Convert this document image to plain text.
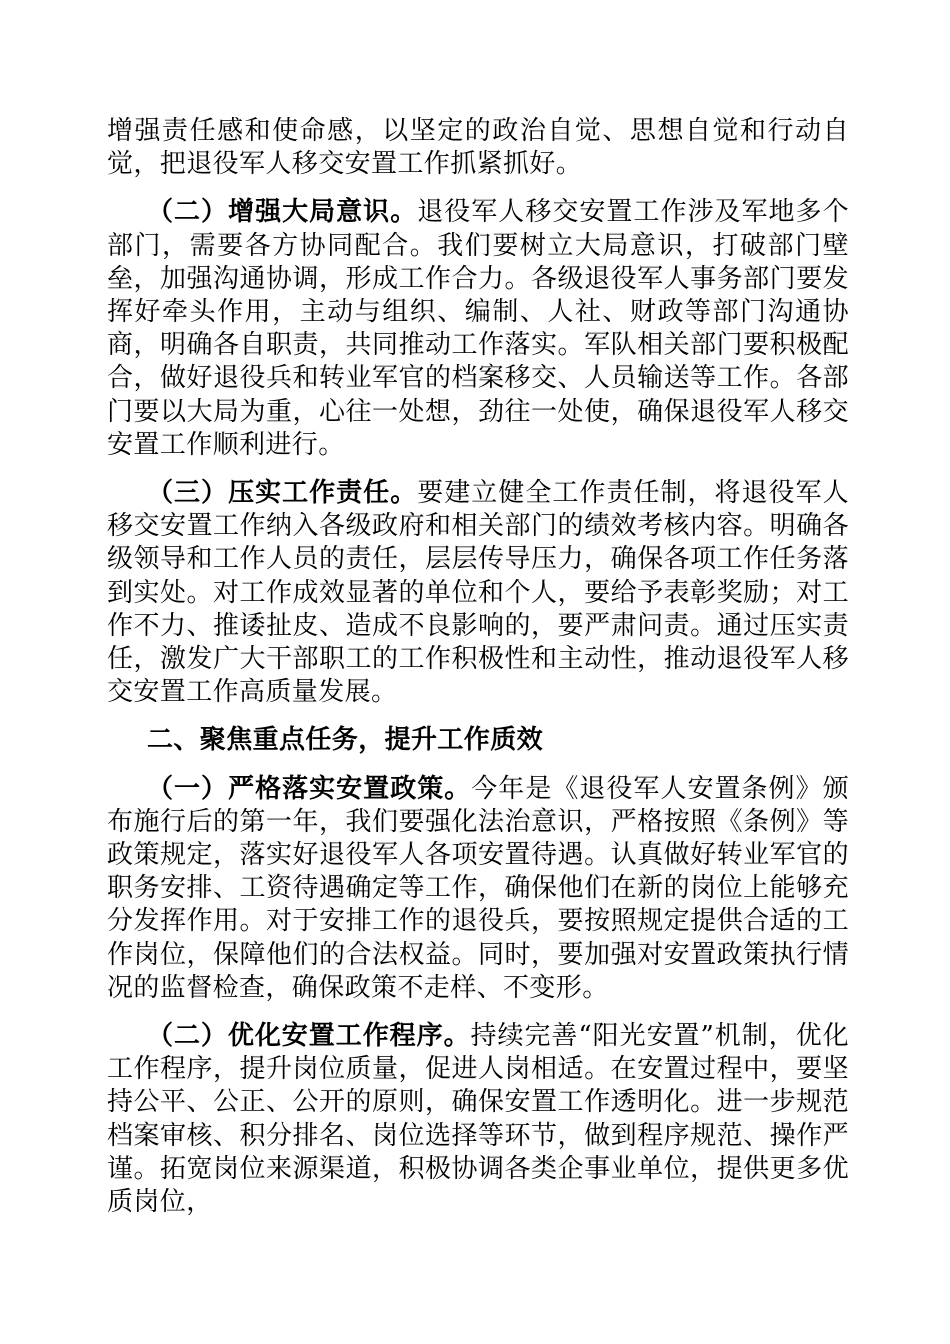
增强责任感和使命感，以坚定的政治自觉、思想自觉和行动自觉，把退役军人移交安置工作抓紧抓好。

（二）增强大局意识。退役军人移交安置工作涉及军地多个部门，需要各方协同配合。我们要树立大局意识，打破部门壁垒，加强沟通协调，形成工作合力。各级退役军人事务部门要发挥好牵头作用，主动与组织、编制、人社、财政等部门沟通协商，明确各自职责，共同推动工作落实。军队相关部门要积极配合，做好退役兵和转业军官的档案移交、人员输送等工作。各部门要以大局为重，心往一处想，劲往一处使，确保退役军人移交安置工作顺利进行。

（三）压实工作责任。要建立健全工作责任制，将退役军人移交安置工作纳入各级政府和相关部门的绩效考核内容。明确各级领导和工作人员的责任，层层传导压力，确保各项工作任务落到实处。对工作成效显著的单位和个人，要给予表彰奖励；对工作不力、推诿扯皮、造成不良影响的，要严肃问责。通过压实责任，激发广大干部职工的工作积极性和主动性，推动退役军人移交安置工作高质量发展。

二、聚焦重点任务，提升工作质效

（一）严格落实安置政策。今年是《退役军人安置条例》颁布施行后的第一年，我们要强化法治意识，严格按照《条例》等政策规定，落实好退役军人各项安置待遇。认真做好转业军官的职务安排、工资待遇确定等工作，确保他们在新的岗位上能够充分发挥作用。对于安排工作的退役兵，要按照规定提供合适的工作岗位，保障他们的合法权益。同时，要加强对安置政策执行情况的监督检查，确保政策不走样、不变形。

（二）优化安置工作程序。持续完善“阳光安置”机制，优化工作程序，提升岗位质量，促进人岗相适。在安置过程中，要坚持公平、公正、公开的原则，确保安置工作透明化。进一步规范档案审核、积分排名、岗位选择等环节，做到程序规范、操作严谨。拓宽岗位来源渠道，积极协调各类企事业单位，提供更多优质岗位，
